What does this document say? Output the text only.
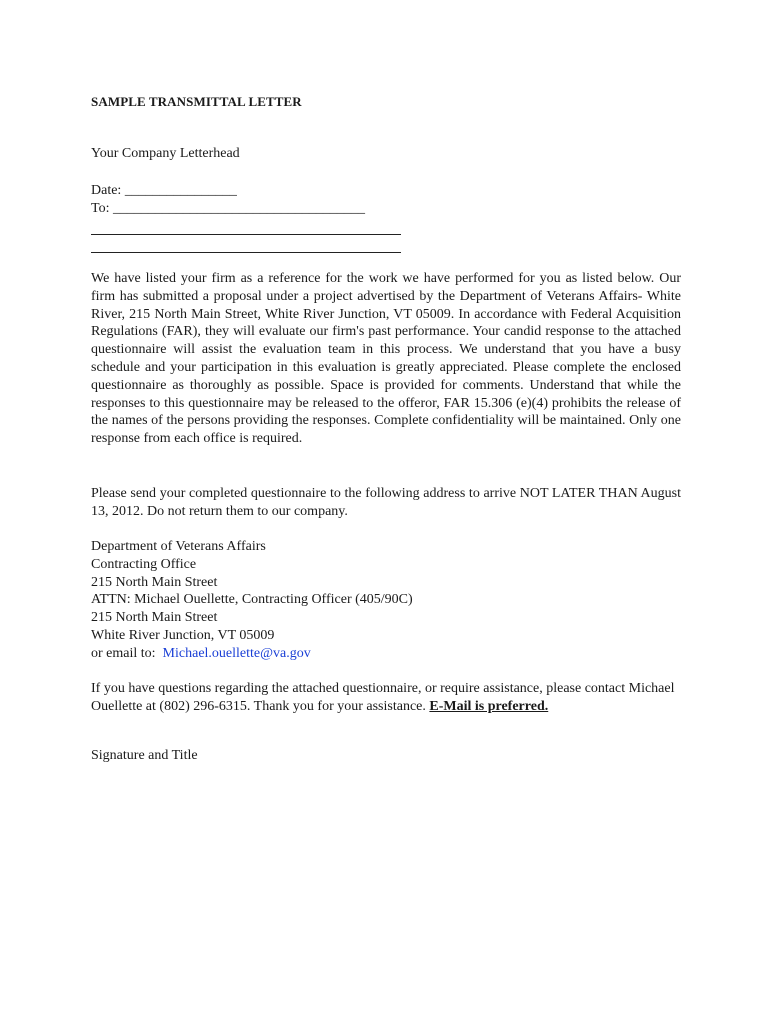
SAMPLE TRANSMITTAL LETTER
Your Company Letterhead
Date: ________________
To: ____________________________________

We have listed your firm as a reference for the work we have performed for you as listed below. Our firm has submitted a proposal under a project advertised by the Department of Veterans Affairs- White River, 215 North Main Street, White River Junction, VT 05009. In accordance with Federal Acquisition Regulations (FAR), they will evaluate our firm's past performance. Your candid response to the attached questionnaire will assist the evaluation team in this process. We understand that you have a busy schedule and your participation in this evaluation is greatly appreciated. Please complete the enclosed questionnaire as thoroughly as possible. Space is provided for comments. Understand that while the responses to this questionnaire may be released to the offeror, FAR 15.306 (e)(4) prohibits the release of the names of the persons providing the responses. Complete confidentiality will be maintained. Only one response from each office is required.

Please send your completed questionnaire to the following address to arrive NOT LATER THAN August 13, 2012. Do not return them to our company.

Department of Veterans Affairs
Contracting Office
215 North Main Street
ATTN: Michael Ouellette, Contracting Officer (405/90C)
215 North Main Street
White River Junction, VT 05009
or email to: Michael.ouellette@va.gov

If you have questions regarding the attached questionnaire, or require assistance, please contact Michael Ouellette at (802) 296-6315. Thank you for your assistance. E-Mail is preferred.

Signature and Title
